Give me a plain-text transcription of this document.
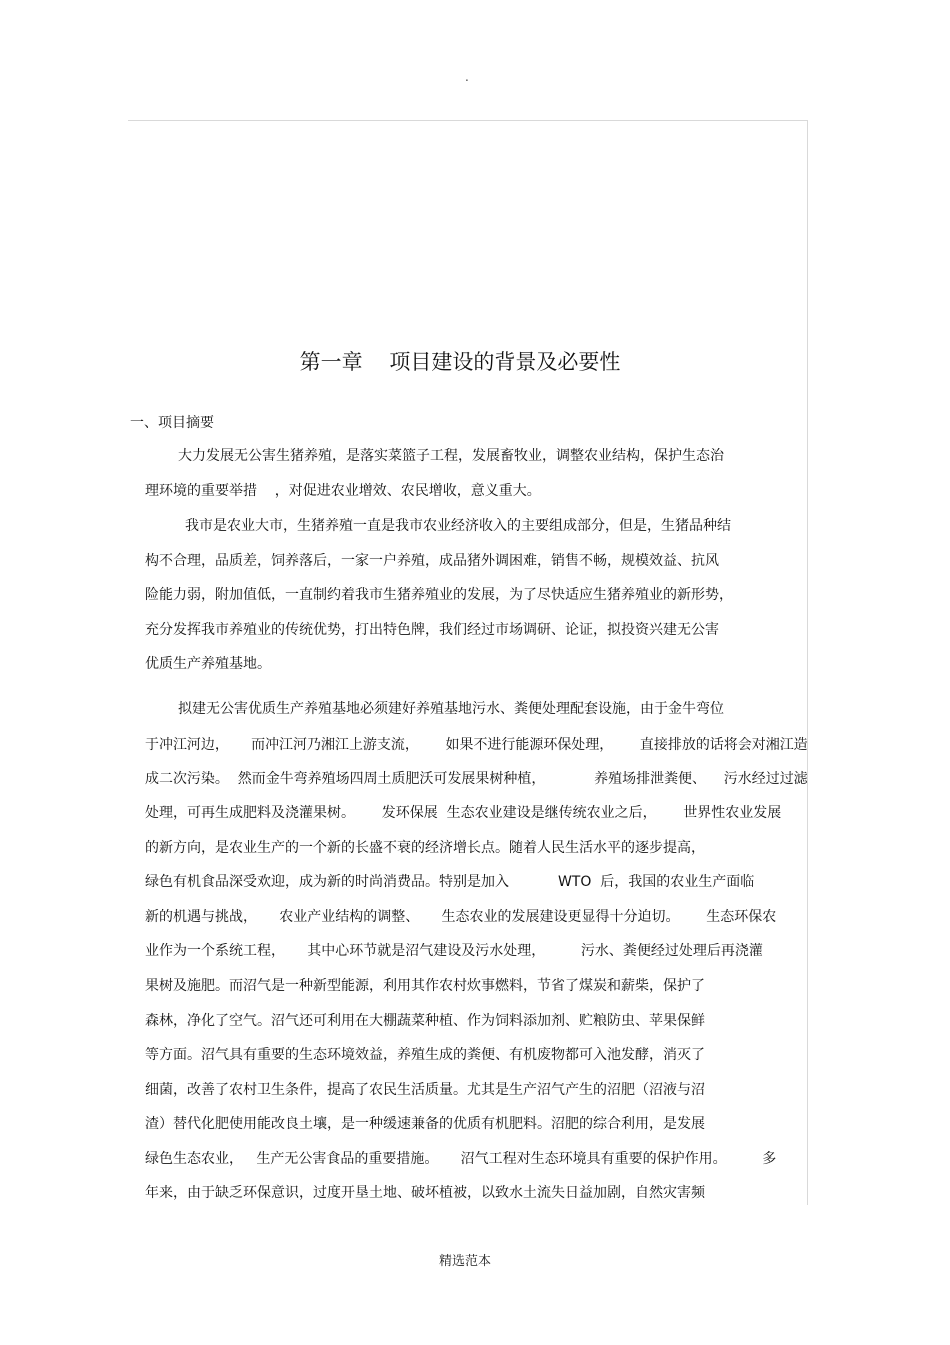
.
第一章    项目建设的背景及必要性
一、项目摘要
大力发展无公害生猪养殖，是落实菜篮子工程，发展畜牧业，调整农业结构，保护生态治
理环境的重要举措    ，对促进农业增效、农民增收，意义重大。
我市是农业大市，生猪养殖一直是我市农业经济收入的主要组成部分，但是，生猪品种结
构不合理，品质差，饲养落后，一家一户养殖，成品猪外调困难，销售不畅，规模效益、抗风
险能力弱，附加值低，一直制约着我市生猪养殖业的发展，为了尽快适应生猪养殖业的新形势，
充分发挥我市养殖业的传统优势，打出特色牌，我们经过市场调研、论证，拟投资兴建无公害
优质生产养殖基地。
拟建无公害优质生产养殖基地必须建好养殖基地污水、粪便处理配套设施，由于金牛弯位
于冲江河边，     而冲江河乃湘江上游支流，      如果不进行能源环保处理，      直接排放的话将会对湘江造
成二次污染。  然而金牛弯养殖场四周土质肥沃可发展果树种植，           养殖场排泄粪便、    污水经过过滤
处理，可再生成肥料及浇灌果树。      发环保展  生态农业建设是继传统农业之后，      世界性农业发展
的新方向，是农业生产的一个新的长盛不衰的经济增长点。随着人民生活水平的逐步提高，
绿色有机食品深受欢迎，成为新的时尚消费品。特别是加入           WTO  后，我国的农业生产面临
新的机遇与挑战，     农业产业结构的调整、     生态农业的发展建设更显得十分迫切。      生态环保农
业作为一个系统工程，     其中心环节就是沼气建设及污水处理，        污水、粪便经过处理后再浇灌
果树及施肥。而沼气是一种新型能源，利用其作农村炊事燃料，节省了煤炭和薪柴，保护了
森林，净化了空气。沼气还可利用在大棚蔬菜种植、作为饲料添加剂、贮粮防虫、苹果保鲜
等方面。沼气具有重要的生态环境效益，养殖生成的粪便、有机废物都可入池发酵，消灭了
细菌，改善了农村卫生条件，提高了农民生活质量。尤其是生产沼气产生的沼肥（沼液与沼
渣）替代化肥使用能改良土壤，是一种缓速兼备的优质有机肥料。沼肥的综合利用，是发展
绿色生态农业，   生产无公害食品的重要措施。     沼气工程对生态环境具有重要的保护作用。        多
年来，由于缺乏环保意识，过度开垦土地、破坏植被，以致水土流失日益加剧，自然灾害频
精选范本
